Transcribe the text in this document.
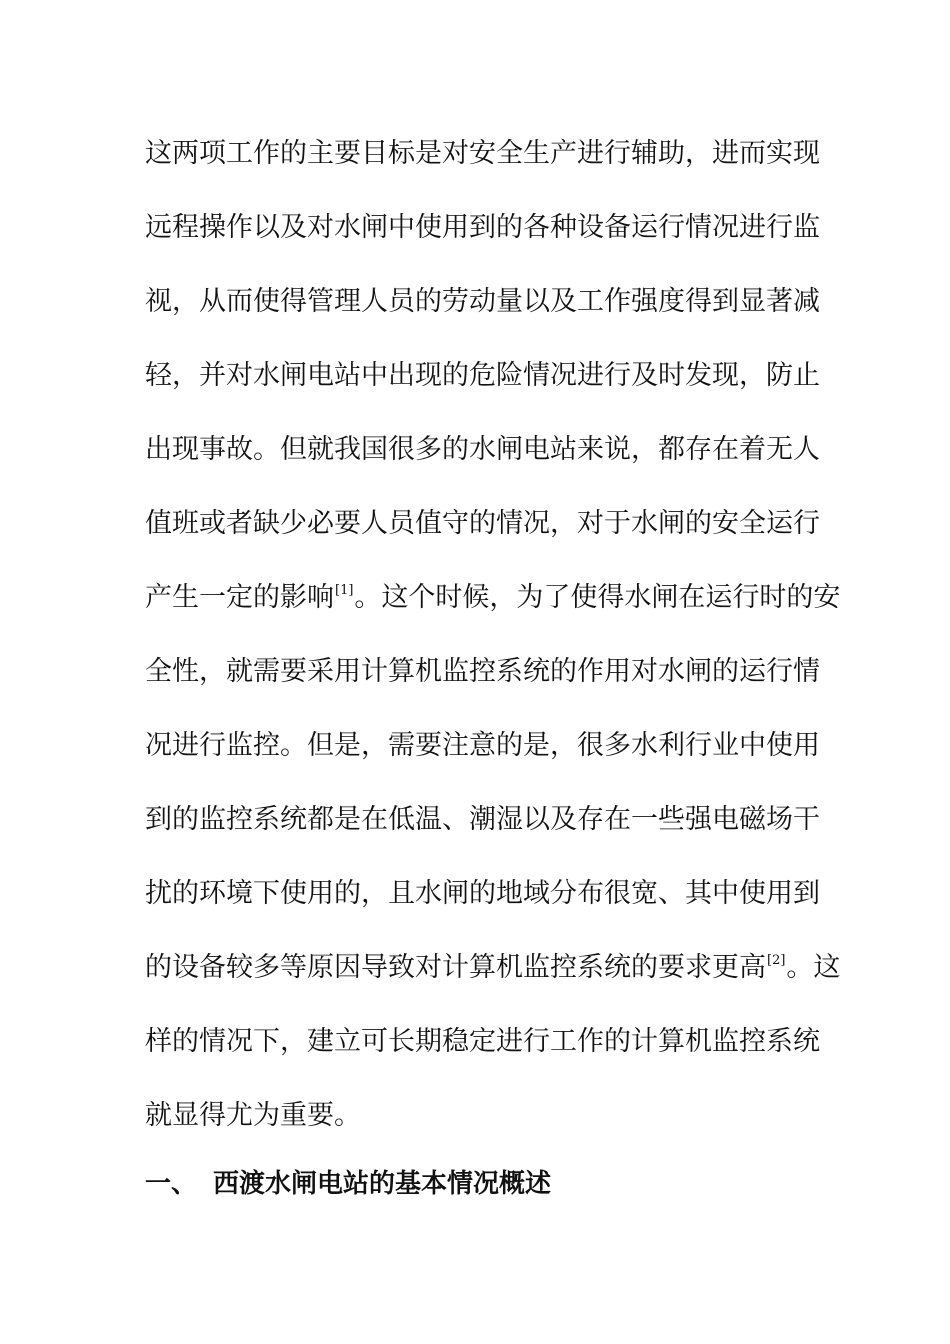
这两项工作的主要目标是对安全生产进行辅助，进而实现
远程操作以及对水闸中使用到的各种设备运行情况进行监
视，从而使得管理人员的劳动量以及工作强度得到显著减
轻，并对水闸电站中出现的危险情况进行及时发现，防止
出现事故。但就我国很多的水闸电站来说，都存在着无人
值班或者缺少必要人员值守的情况，对于水闸的安全运行
产生一定的影响[1]。这个时候，为了使得水闸在运行时的安
全性，就需要采用计算机监控系统的作用对水闸的运行情
况进行监控。但是，需要注意的是，很多水利行业中使用
到的监控系统都是在低温、潮湿以及存在一些强电磁场干
扰的环境下使用的，且水闸的地域分布很宽、其中使用到
的设备较多等原因导致对计算机监控系统的要求更高[2]。这
样的情况下，建立可长期稳定进行工作的计算机监控系统
就显得尤为重要。
一、 西渡水闸电站的基本情况概述
